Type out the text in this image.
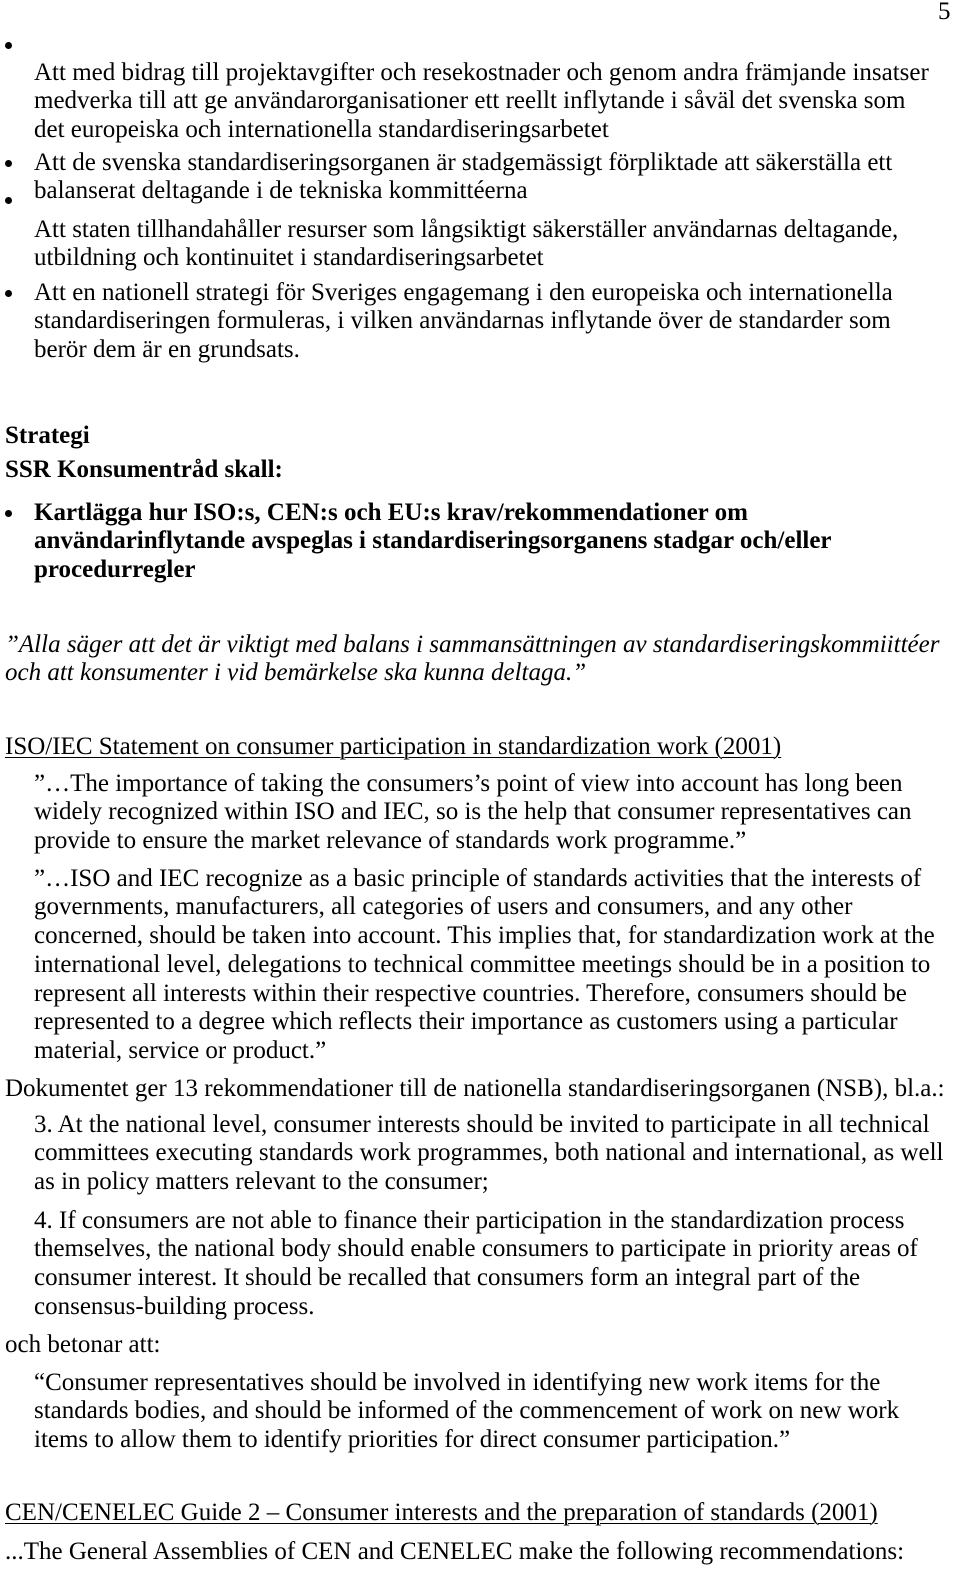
5
Att med bidrag till projektavgifter och resekostnader och genom andra främjande insatser
medverka till att ge användarorganisationer ett reellt inflytande i såväl det svenska som
det europeiska och internationella standardiseringsarbetet
Att de svenska standardiseringsorganen är stadgemässigt förpliktade att säkerställa ett
balanserat deltagande i de tekniska kommittéerna
Att staten tillhandahåller resurser som långsiktigt säkerställer användarnas deltagande,
utbildning och kontinuitet i standardiseringsarbetet
Att en nationell strategi för Sveriges engagemang i den europeiska och internationella
standardiseringen formuleras, i vilken användarnas inflytande över de standarder som
berör dem är en grundsats.
Strategi
SSR Konsumentråd skall:
Kartlägga hur ISO:s, CEN:s och EU:s krav/rekommendationer om
användarinflytande avspeglas i standardiseringsorganens stadgar och/eller
procedurregler
”Alla säger att det är viktigt med balans i sammansättningen av standardiseringskommiittéer
och att konsumenter i vid bemärkelse ska kunna deltaga.”
ISO/IEC Statement on consumer participation in standardization work (2001)
”…The importance of taking the consumers’s point of view into account has long been
widely recognized within ISO and IEC, so is the help that consumer representatives can
provide to ensure the market relevance of standards work programme.”
”…ISO and IEC recognize as a basic principle of standards activities that the interests of
governments, manufacturers, all categories of users and consumers, and any other
concerned, should be taken into account. This implies that, for standardization work at the
international level, delegations to technical committee meetings should be in a position to
represent all interests within their respective countries. Therefore, consumers should be
represented to a degree which reflects their importance as customers using a particular
material, service or product.”
Dokumentet ger 13 rekommendationer till de nationella standardiseringsorganen (NSB), bl.a.:
3. At the national level, consumer interests should be invited to participate in all technical
committees executing standards work programmes, both national and international, as well
as in policy matters relevant to the consumer;
4. If consumers are not able to finance their participation in the standardization process
themselves, the national body should enable consumers to participate in priority areas of
consumer interest. It should be recalled that consumers form an integral part of the
consensus-building process.
och betonar att:
“Consumer representatives should be involved in identifying new work items for the
standards bodies, and should be informed of the commencement of work on new work
items to allow them to identify priorities for direct consumer participation.”
CEN/CENELEC Guide 2 – Consumer interests and the preparation of standards (2001)
...The General Assemblies of CEN and CENELEC make the following recommendations:
